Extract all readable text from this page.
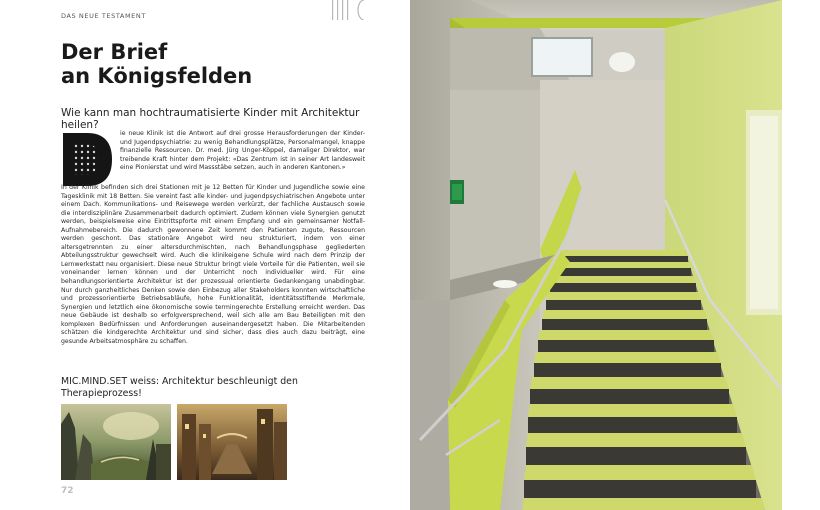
DAS NEUE TESTAMENT
Der Brief
an Königsfelden
Wie kann man hochtraumatisierte Kinder mit Architektur heilen?

ie neue Klinik ist die Antwort auf drei grosse Herausforderungen der Kinder- und Jugendpsychiatrie: zu wenig Behandlungsplätze, Personalmangel, knappe finanzielle Ressourcen. Dr. med. Jürg Unger-Köppel, damaliger Direktor, war treibende Kraft hinter dem Projekt: «Das Zentrum ist in seiner Art landesweit eine Pionierstat und wird Massstäbe setzen, auch in anderen Kantonen.»

In der Klinik befinden sich drei Stationen mit je 12 Betten für Kinder und Jugendliche sowie eine Tagesklinik mit 18 Betten. Sie vereint fast alle kinder- und jugendpsychiatrischen Angebote unter einem Dach. Kommunikations- und Reisewege werden verkürzt, der fachliche Austausch sowie die interdisziplinäre Zusammenarbeit dadurch optimiert. Zudem können viele Synergien genutzt werden, beispielsweise eine Eintrittspforte mit einem Empfang und ein gemeinsamer Notfall-Aufnahmebereich. Die dadurch gewonnene Zeit kommt den Patienten zugute, Ressourcen werden geschont. Das stationäre Angebot wird neu strukturiert, indem von einer altersgetrennten zu einer altersdurchmischten, nach Behandlungsphase gegliederten Abteilungsstruktur gewechselt wird. Auch die klinikeigene Schule wird nach dem Prinzip der Lernwerkstatt neu organisiert. Diese neue Struktur bringt viele Vorteile für die Patienten, weil sie voneinander lernen können und der Unterricht noch individueller wird. Für eine behandlungsorientierte Architektur ist der prozessual orientierte Gedankengang unabdingbar. Nur durch ganzheitliches Denken sowie den Einbezug aller Stakeholders konnten wirtschaftliche und prozessorientierte Betriebsabläufe, hohe Funktionalität, identitätsstiftende Merkmale, Synergien und letztlich eine ökonomische sowie termingerechte Erstellung erreicht werden. Das neue Gebäude ist deshalb so erfolgversprechend, weil sich alle am Bau Beteiligten mit den komplexen Bedürfnissen und Anforderungen auseinandergesetzt haben. Die Mitarbeitenden schätzen die kindgerechte Architektur und sind sicher, dass dies auch dazu beiträgt, eine gesunde Arbeitsatmosphäre zu schaffen.

MIC.MIND.SET weiss: Architektur beschleunigt den Therapieprozess!
72
